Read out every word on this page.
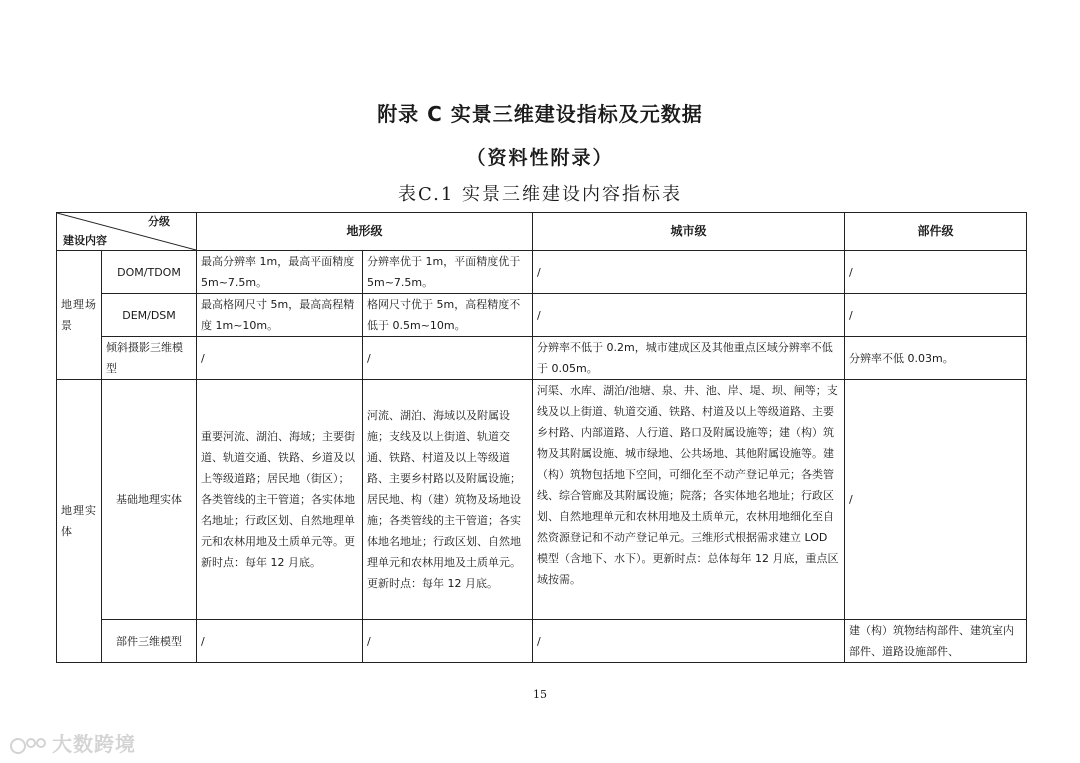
附录 C 实景三维建设指标及元数据
（资料性附录）
表C.1 实景三维建设内容指标表
分级
建设内容		地形级		城市级	部件级
地理场景	DOM/TDOM	最高分辨率 1m，最高平面精度 5m~7.5m。	分辨率优于 1m，平面精度优于 5m~7.5m。	/	/
	DEM/DSM	最高格网尺寸 5m，最高高程精度 1m~10m。	格网尺寸优于 5m，高程精度不低于 0.5m~10m。	/	/
	倾斜摄影三维模型	/	/	分辨率不低于 0.2m，城市建成区及其他重点区域分辨率不低于 0.05m。	分辨率不低 0.03m。
地理实体	基础地理实体	重要河流、湖泊、海域；主要街道、轨道交通、铁路、乡道及以上等级道路；居民地（街区）；各类管线的主干管道；各实体地名地址；行政区划、自然地理单元和农林用地及土质单元等。更新时点：每年 12 月底。	河流、湖泊、海域以及附属设施；支线及以上街道、轨道交通、铁路、村道及以上等级道路、主要乡村路以及附属设施；居民地、构（建）筑物及场地设施；各类管线的主干管道；各实体地名地址；行政区划、自然地理单元和农林用地及土质单元。更新时点：每年 12 月底。	河渠、水库、湖泊/池塘、泉、井、池、岸、堤、坝、闸等；支线及以上街道、轨道交通、铁路、村道及以上等级道路、主要乡村路、内部道路、人行道、路口及附属设施等；建（构）筑物及其附属设施、城市绿地、公共场地、其他附属设施等。建（构）筑物包括地下空间，可细化至不动产登记单元；各类管线、综合管廊及其附属设施；院落；各实体地名地址；行政区划、自然地理单元和农林用地及土质单元，农林用地细化至自然资源登记和不动产登记单元。三维形式根据需求建立 LOD 模型（含地下、水下）。更新时点：总体每年 12 月底，重点区域按需。	/
	部件三维模型	/	/	/	建（构）筑物结构部件、建筑室内部件、道路设施部件、
15
大数跨境
